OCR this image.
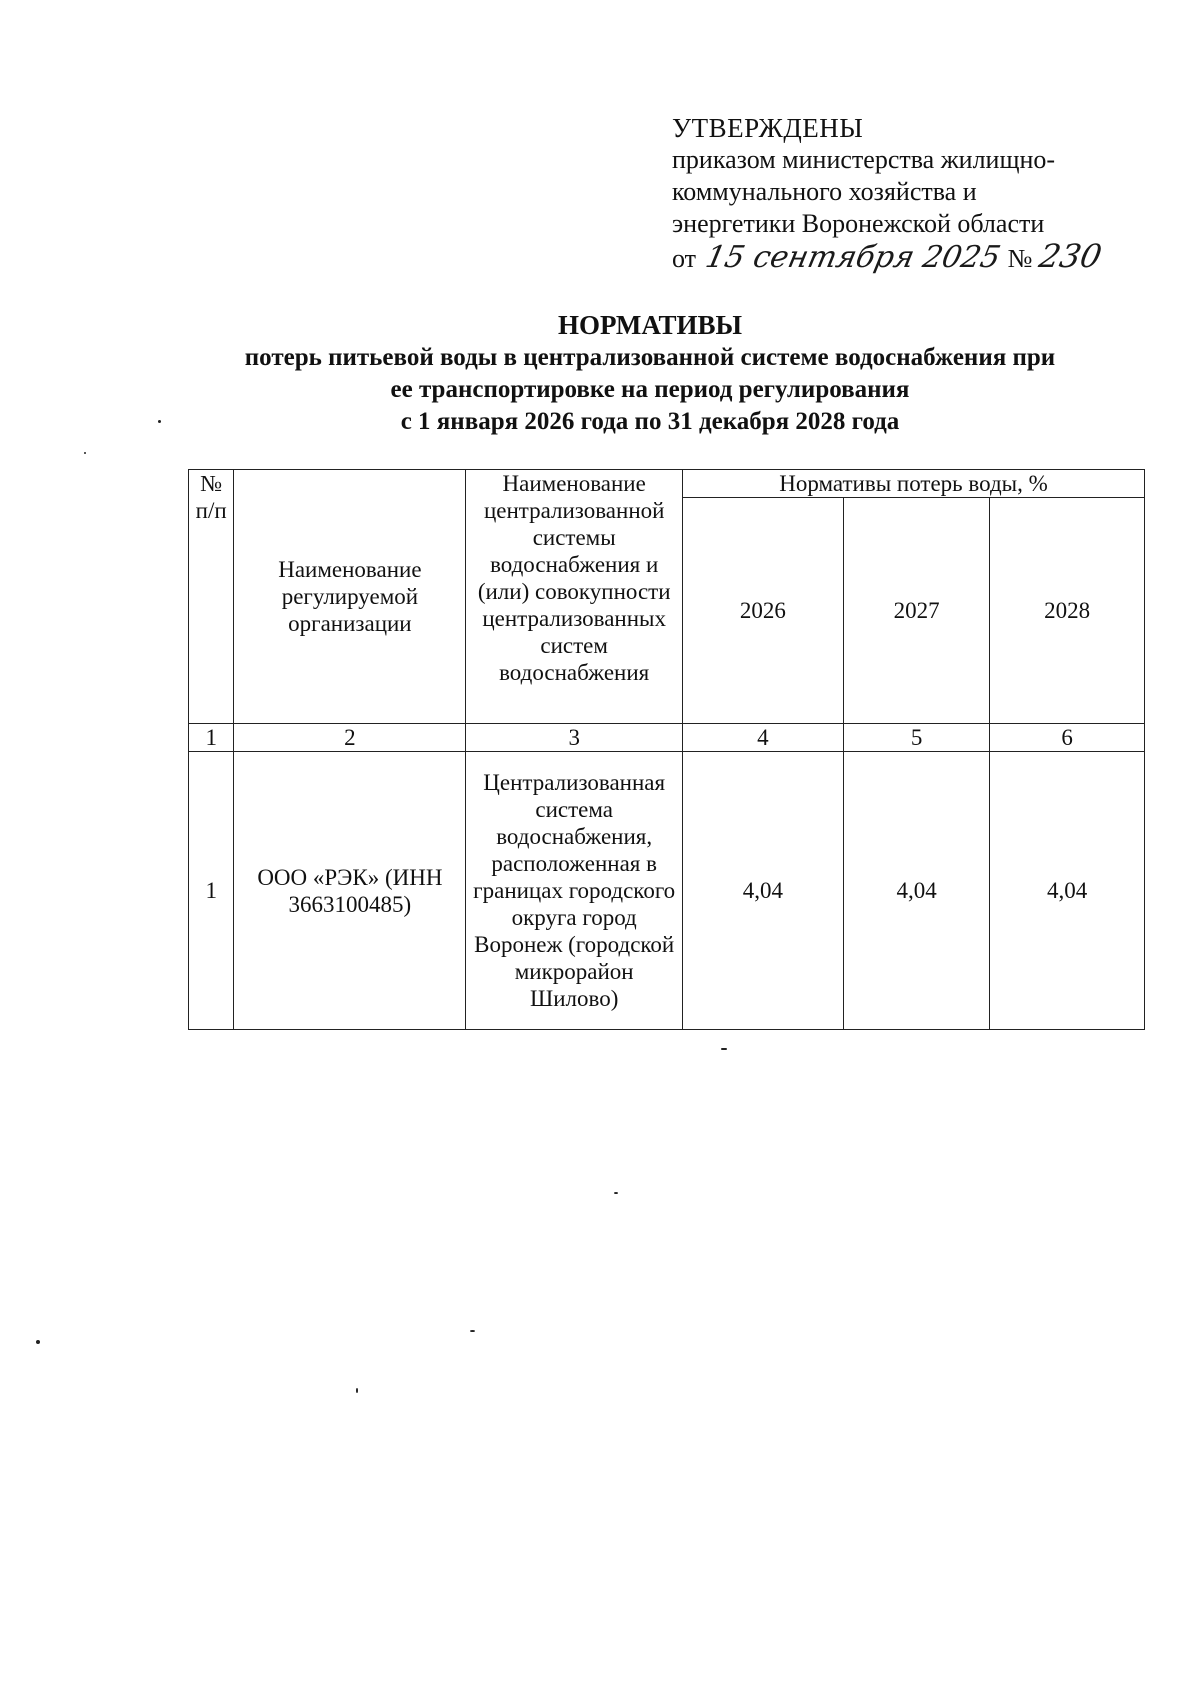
УТВЕРЖДЕНЫ
приказом министерства жилищно-
коммунального хозяйства и
энергетики Воронежской области
от 15 сентября 2025 № 230
НОРМАТИВЫ
потерь питьевой воды в централизованной системе водоснабжения при
ее транспортировке на период регулирования
с 1 января 2026 года по 31 декабря 2028 года
№ п/п	Наименование регулируемой организации	Наименование централизованной системы водоснабжения и (или) совокупности централизованных систем водоснабжения	Нормативы потерь воды, %		
			2026	2027	2028
1	2	3	4	5	6
1	ООО «РЭК» (ИНН 3663100485)	Централизованная система водоснабжения, расположенная в границах городского округа город Воронеж (городской микрорайон Шилово)	4,04	4,04	4,04
